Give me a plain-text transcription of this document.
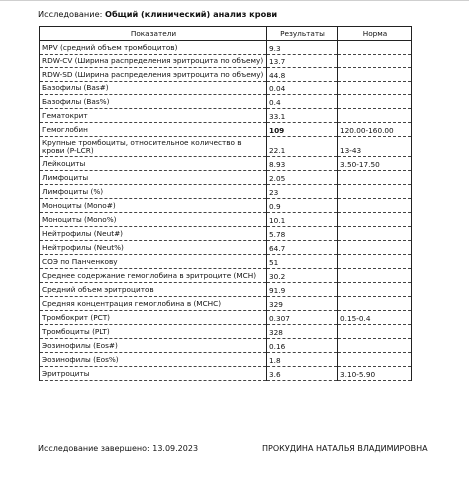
Исследование: Общий (клинический) анализ крови
Показатели	Результаты	Норма
MPV (средний объем тромбоцитов)	9.3	
RDW-CV (Ширина распределения эритроцита по объему)	13.7	
RDW-SD (Ширина распределения эритроцита по объему)	44.8	
Базофилы (Bas#)	0.04	
Базофилы (Bas%)	0.4	
Гематокрит	33.1	
Гемоглобин	109	120.00-160.00
Крупные тромбоциты, относительное количество в крови (P-LCR)	22.1	13-43
Лейкоциты	8.93	3.50-17.50
Лимфоциты	2.05	
Лимфоциты (%)	23	
Моноциты (Mono#)	0.9	
Моноциты (Mono%)	10.1	
Нейтрофилы (Neut#)	5.78	
Нейтрофилы (Neut%)	64.7	
СОЭ по Панченкову	51	
Среднее содержание гемоглобина в эритроците (MCH)	30.2	
Средний объем эритроцитов	91.9	
Средняя концентрация гемоглобина в (MCHC)	329	
Тромбокрит (PCT)	0.307	0.15-0.4
Тромбоциты (PLT)	328	
Эозинофилы (Eos#)	0.16	
Эозинофилы (Eos%)	1.8	
Эритроциты	3.6	3.10-5.90
Исследование завершено: 13.09.2023	ПРОКУДИНА НАТАЛЬЯ ВЛАДИМИРОВНА
